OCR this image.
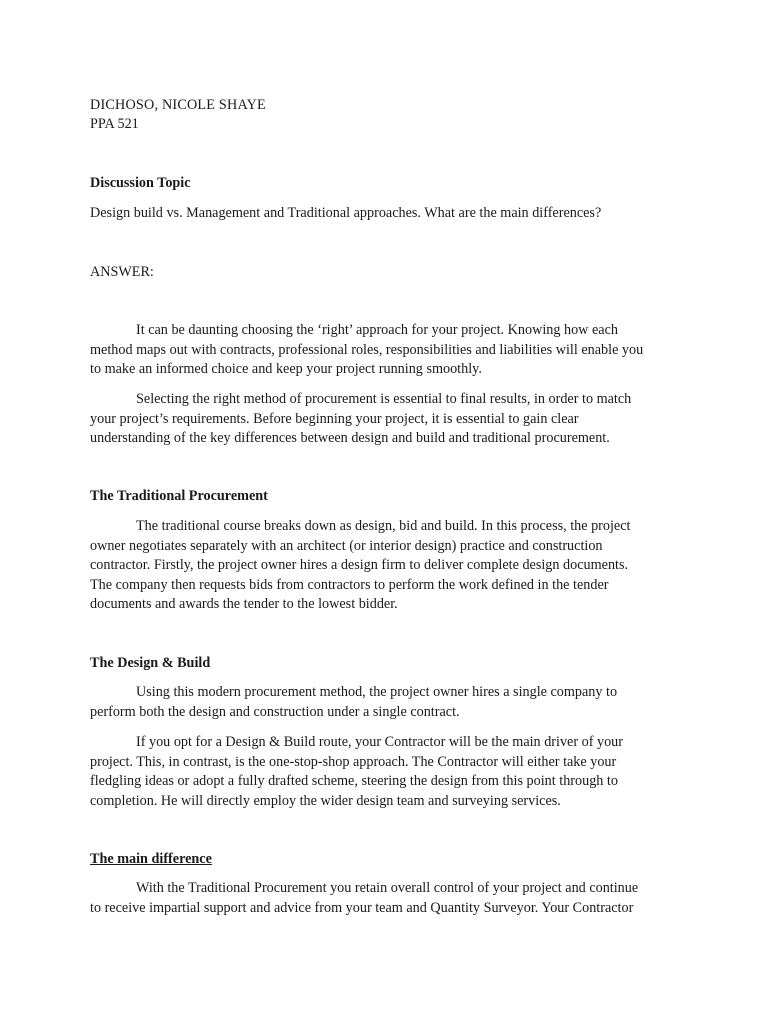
DICHOSO, NICOLE SHAYE
PPA 521
Discussion Topic
Design build vs. Management and Traditional approaches. What are the main differences?
ANSWER:
It can be daunting choosing the ‘right’ approach for your project. Knowing how each
method maps out with contracts, professional roles, responsibilities and liabilities will enable you
to make an informed choice and keep your project running smoothly.
Selecting the right method of procurement is essential to final results, in order to match
your project’s requirements. Before beginning your project, it is essential to gain clear
understanding of the key differences between design and build and traditional procurement.
The Traditional Procurement
The traditional course breaks down as design, bid and build. In this process, the project
owner negotiates separately with an architect (or interior design) practice and construction
contractor. Firstly, the project owner hires a design firm to deliver complete design documents.
The company then requests bids from contractors to perform the work defined in the tender
documents and awards the tender to the lowest bidder.
The Design & Build
Using this modern procurement method, the project owner hires a single company to
perform both the design and construction under a single contract.
If you opt for a Design & Build route, your Contractor will be the main driver of your
project. This, in contrast, is the one-stop-shop approach. The Contractor will either take your
fledgling ideas or adopt a fully drafted scheme, steering the design from this point through to
completion. He will directly employ the wider design team and surveying services.
The main difference
With the Traditional Procurement you retain overall control of your project and continue
to receive impartial support and advice from your team and Quantity Surveyor. Your Contractor
